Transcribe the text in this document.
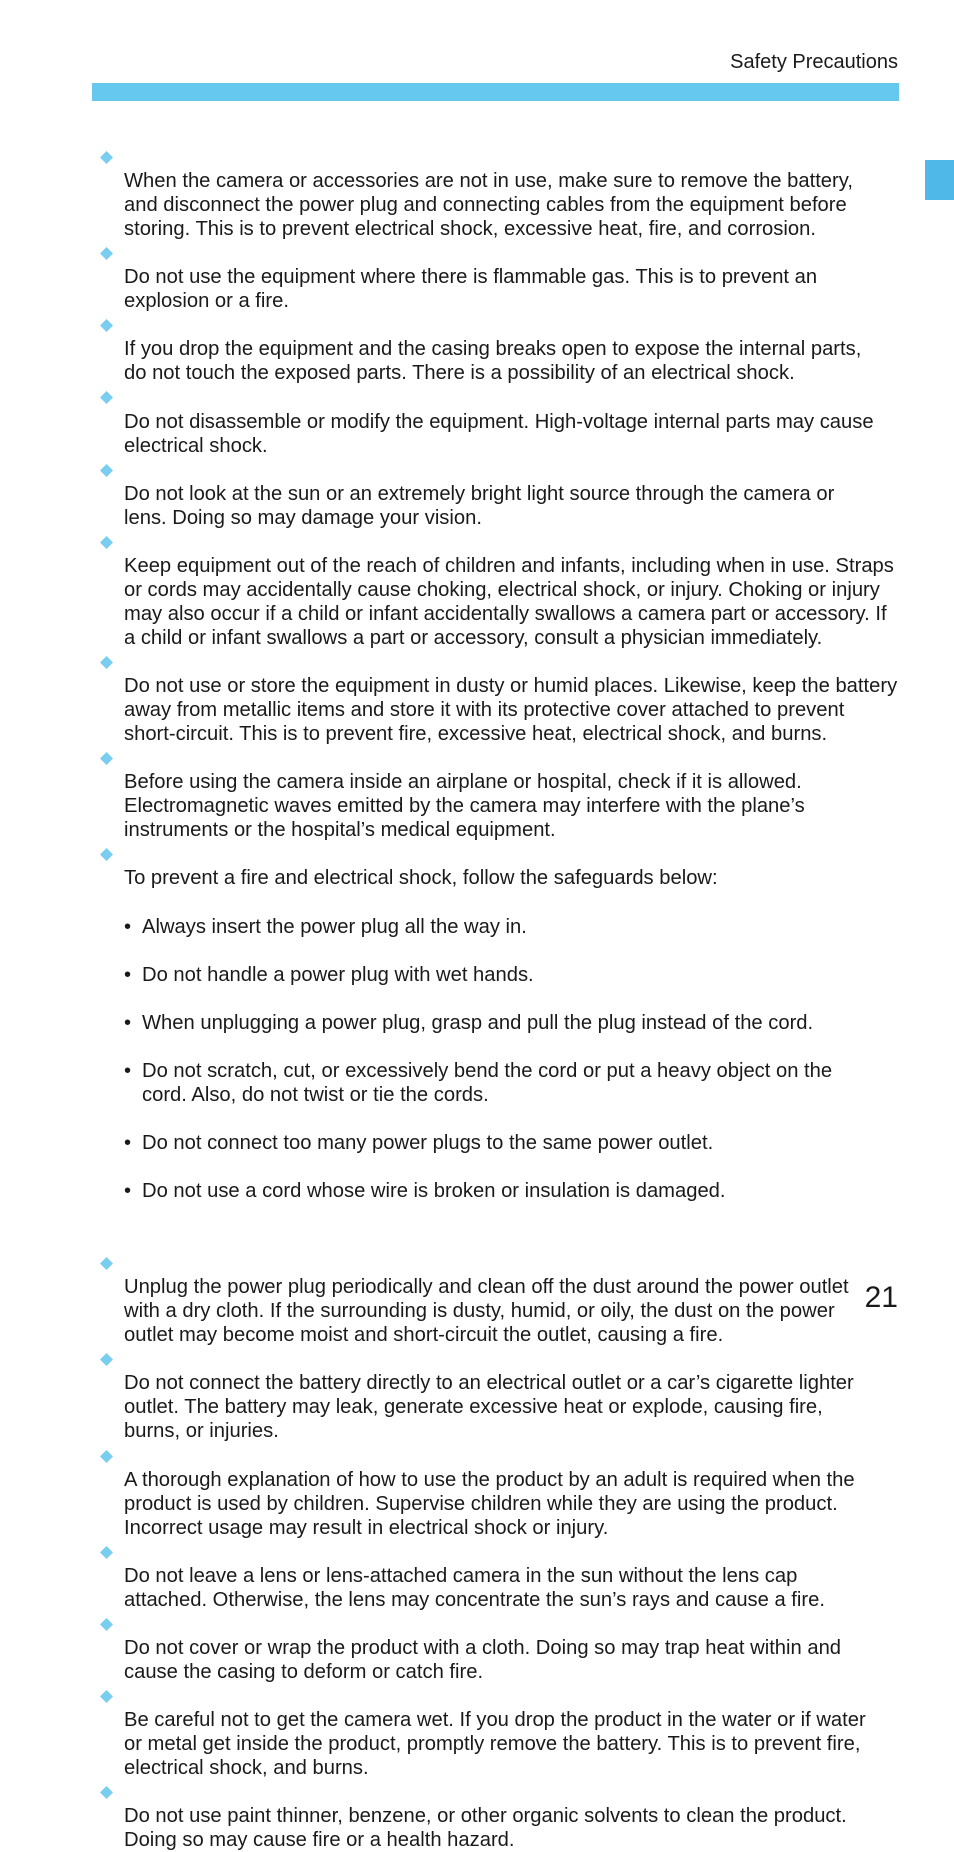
Safety Precautions

When the camera or accessories are not in use, make sure to remove the battery,
and disconnect the power plug and connecting cables from the equipment before
storing. This is to prevent electrical shock, excessive heat, fire, and corrosion.

Do not use the equipment where there is flammable gas. This is to prevent an
explosion or a fire.

If you drop the equipment and the casing breaks open to expose the internal parts,
do not touch the exposed parts. There is a possibility of an electrical shock.

Do not disassemble or modify the equipment. High-voltage internal parts may cause
electrical shock.

Do not look at the sun or an extremely bright light source through the camera or
lens. Doing so may damage your vision.

Keep equipment out of the reach of children and infants, including when in use. Straps
or cords may accidentally cause choking, electrical shock, or injury. Choking or injury
may also occur if a child or infant accidentally swallows a camera part or accessory. If
a child or infant swallows a part or accessory, consult a physician immediately.

Do not use or store the equipment in dusty or humid places. Likewise, keep the battery
away from metallic items and store it with its protective cover attached to prevent
short-circuit. This is to prevent fire, excessive heat, electrical shock, and burns.

Before using the camera inside an airplane or hospital, check if it is allowed.
Electromagnetic waves emitted by the camera may interfere with the plane’s
instruments or the hospital’s medical equipment.

To prevent a fire and electrical shock, follow the safeguards below:

• Always insert the power plug all the way in.

• Do not handle a power plug with wet hands.

• When unplugging a power plug, grasp and pull the plug instead of the cord.

• Do not scratch, cut, or excessively bend the cord or put a heavy object on the
cord. Also, do not twist or tie the cords.

• Do not connect too many power plugs to the same power outlet.

• Do not use a cord whose wire is broken or insulation is damaged.

Unplug the power plug periodically and clean off the dust around the power outlet
with a dry cloth. If the surrounding is dusty, humid, or oily, the dust on the power
outlet may become moist and short-circuit the outlet, causing a fire.

Do not connect the battery directly to an electrical outlet or a car’s cigarette lighter
outlet. The battery may leak, generate excessive heat or explode, causing fire,
burns, or injuries.

A thorough explanation of how to use the product by an adult is required when the
product is used by children. Supervise children while they are using the product.
Incorrect usage may result in electrical shock or injury.

Do not leave a lens or lens-attached camera in the sun without the lens cap
attached. Otherwise, the lens may concentrate the sun’s rays and cause a fire.

Do not cover or wrap the product with a cloth. Doing so may trap heat within and
cause the casing to deform or catch fire.

Be careful not to get the camera wet. If you drop the product in the water or if water
or metal get inside the product, promptly remove the battery. This is to prevent fire,
electrical shock, and burns.

Do not use paint thinner, benzene, or other organic solvents to clean the product.
Doing so may cause fire or a health hazard.

21
